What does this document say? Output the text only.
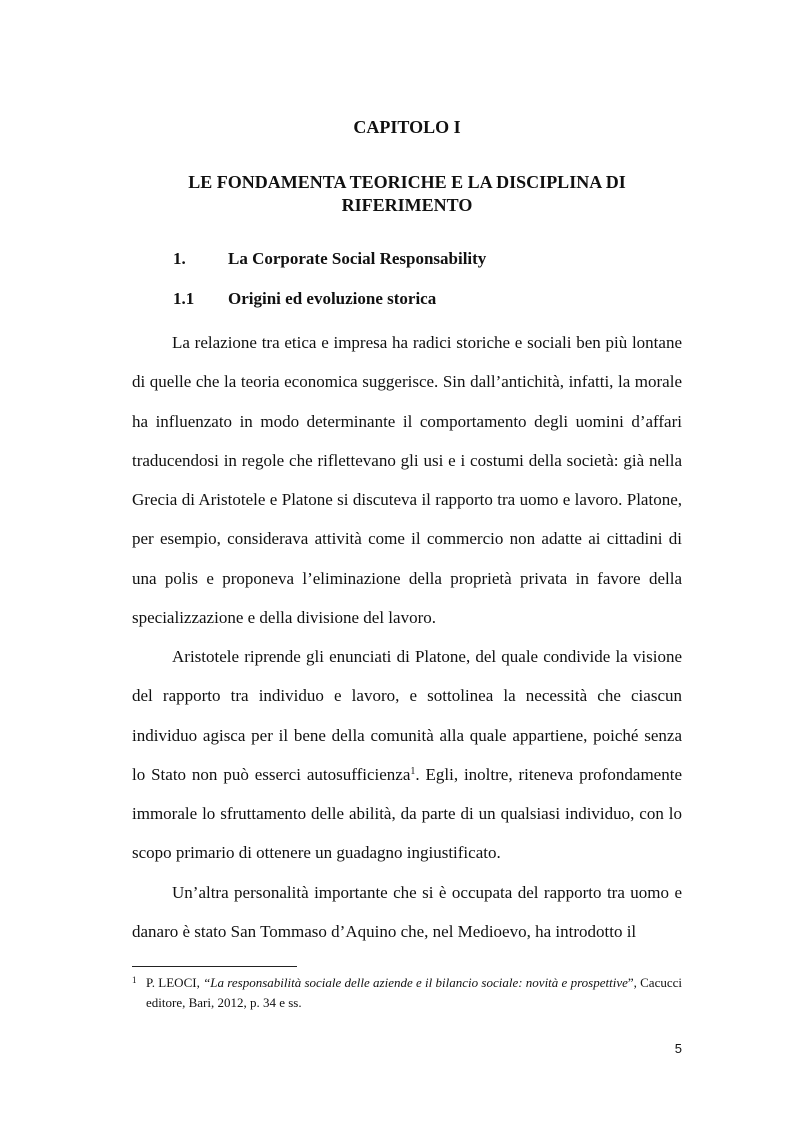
CAPITOLO I
LE FONDAMENTA TEORICHE E LA DISCIPLINA DI RIFERIMENTO
1. La Corporate Social Responsability
1.1 Origini ed evoluzione storica

La relazione tra etica e impresa ha radici storiche e sociali ben più lontane di quelle che la teoria economica suggerisce. Sin dall’antichità, infatti, la morale ha influenzato in modo determinante il comportamento degli uomini d’affari traducendosi in regole che riflettevano gli usi e i costumi della società: già nella Grecia di Aristotele e Platone si discuteva il rapporto tra uomo e lavoro. Platone, per esempio, considerava attività come il commercio non adatte ai cittadini di una polis e proponeva l’eliminazione della proprietà privata in favore della specializzazione e della divisione del lavoro.

Aristotele riprende gli enunciati di Platone, del quale condivide la visione del rapporto tra individuo e lavoro, e sottolinea la necessità che ciascun individuo agisca per il bene della comunità alla quale appartiene, poiché senza lo Stato non può esserci autosufficienza$^1$. Egli, inoltre, riteneva profondamente immorale lo sfruttamento delle abilità, da parte di un qualsiasi individuo, con lo scopo primario di ottenere un guadagno ingiustificato.

Un’altra personalità importante che si è occupata del rapporto tra uomo e danaro è stato San Tommaso d’Aquino che, nel Medioevo, ha introdotto il

1 P. LEOCI, “La responsabilità sociale delle aziende e il bilancio sociale: novità e prospettive”, Cacucci editore, Bari, 2012, p. 34 e ss.
5
